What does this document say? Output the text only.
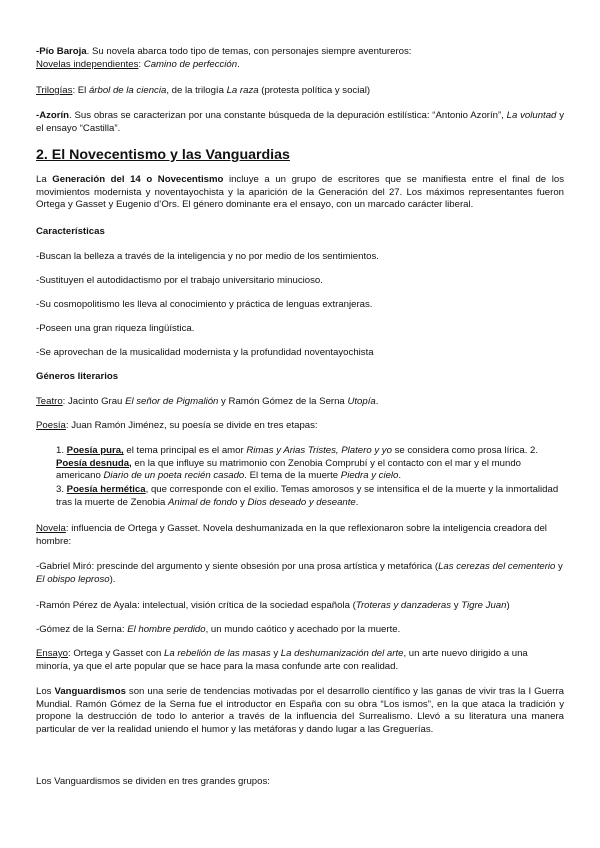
-Pío Baroja. Su novela abarca todo tipo de temas, con personajes siempre aventureros:
Novelas independientes: Camino de perfección.
Trilogías: El árbol de la ciencia, de la trilogía La raza (protesta política y social)
-Azorín. Sus obras se caracterizan por una constante búsqueda de la depuración estilística: “Antonio Azorín”, La voluntad y el ensayo “Castilla”.
2. El Novecentismo y las Vanguardias
La Generación del 14 o Novecentismo incluye a un grupo de escritores que se manifiesta entre el final de los movimientos modernista y noventayochista y la aparición de la Generación del 27. Los máximos representantes fueron Ortega y Gasset y Eugenio d’Ors. El género dominante era el ensayo, con un marcado carácter liberal.
Características
-Buscan la belleza a través de la inteligencia y no por medio de los sentimientos.
-Sustituyen el autodidactismo por el trabajo universitario minucioso.
-Su cosmopolitismo les lleva al conocimiento y práctica de lenguas extranjeras.
-Poseen una gran riqueza lingüística.
-Se aprovechan de la musicalidad modernista y la profundidad noventayochista
Géneros literarios
Teatro: Jacinto Grau El señor de Pigmalión y Ramón Gómez de la Serna Utopía.
Poesía: Juan Ramón Jiménez, su poesía se divide en tres etapas:
1. Poesía pura, el tema principal es el amor Rimas y Arias Tristes, Platero y yo se considera como prosa lírica. 2. Poesía desnuda, en la que influye su matrimonio con Zenobia Comprubí y el contacto con el mar y el mundo americano Diario de un poeta recién casado. El tema de la muerte Piedra y cielo.
3. Poesía hermética, que corresponde con el exilio. Temas amorosos y se intensifica el de la muerte y la inmortalidad tras la muerte de Zenobia Animal de fondo y Dios deseado y deseante.
Novela: influencia de Ortega y Gasset. Novela deshumanizada en la que reflexionaron sobre la inteligencia creadora del hombre:
-Gabriel Miró: prescinde del argumento y siente obsesión por una prosa artística y metafórica (Las cerezas del cementerio y El obispo leproso).
-Ramón Pérez de Ayala: intelectual, visión crítica de la sociedad española (Troteras y danzaderas y Tigre Juan)
-Gómez de la Serna: El hombre perdido, un mundo caótico y acechado por la muerte.
Ensayo: Ortega y Gasset con La rebelión de las masas y La deshumanización del arte, un arte nuevo dirigido a una minoría, ya que el arte popular que se hace para la masa confunde arte con realidad.
Los Vanguardismos son una serie de tendencias motivadas por el desarrollo científico y las ganas de vivir tras la I Guerra Mundial. Ramón Gómez de la Serna fue el introductor en España con su obra “Los ismos”, en la que ataca la tradición y propone la destrucción de todo lo anterior a través de la influencia del Surrealismo. Llevó a su literatura una manera particular de ver la realidad uniendo el humor y las metáforas y dando lugar a las Greguerías.
Los Vanguardismos se dividen en tres grandes grupos:
